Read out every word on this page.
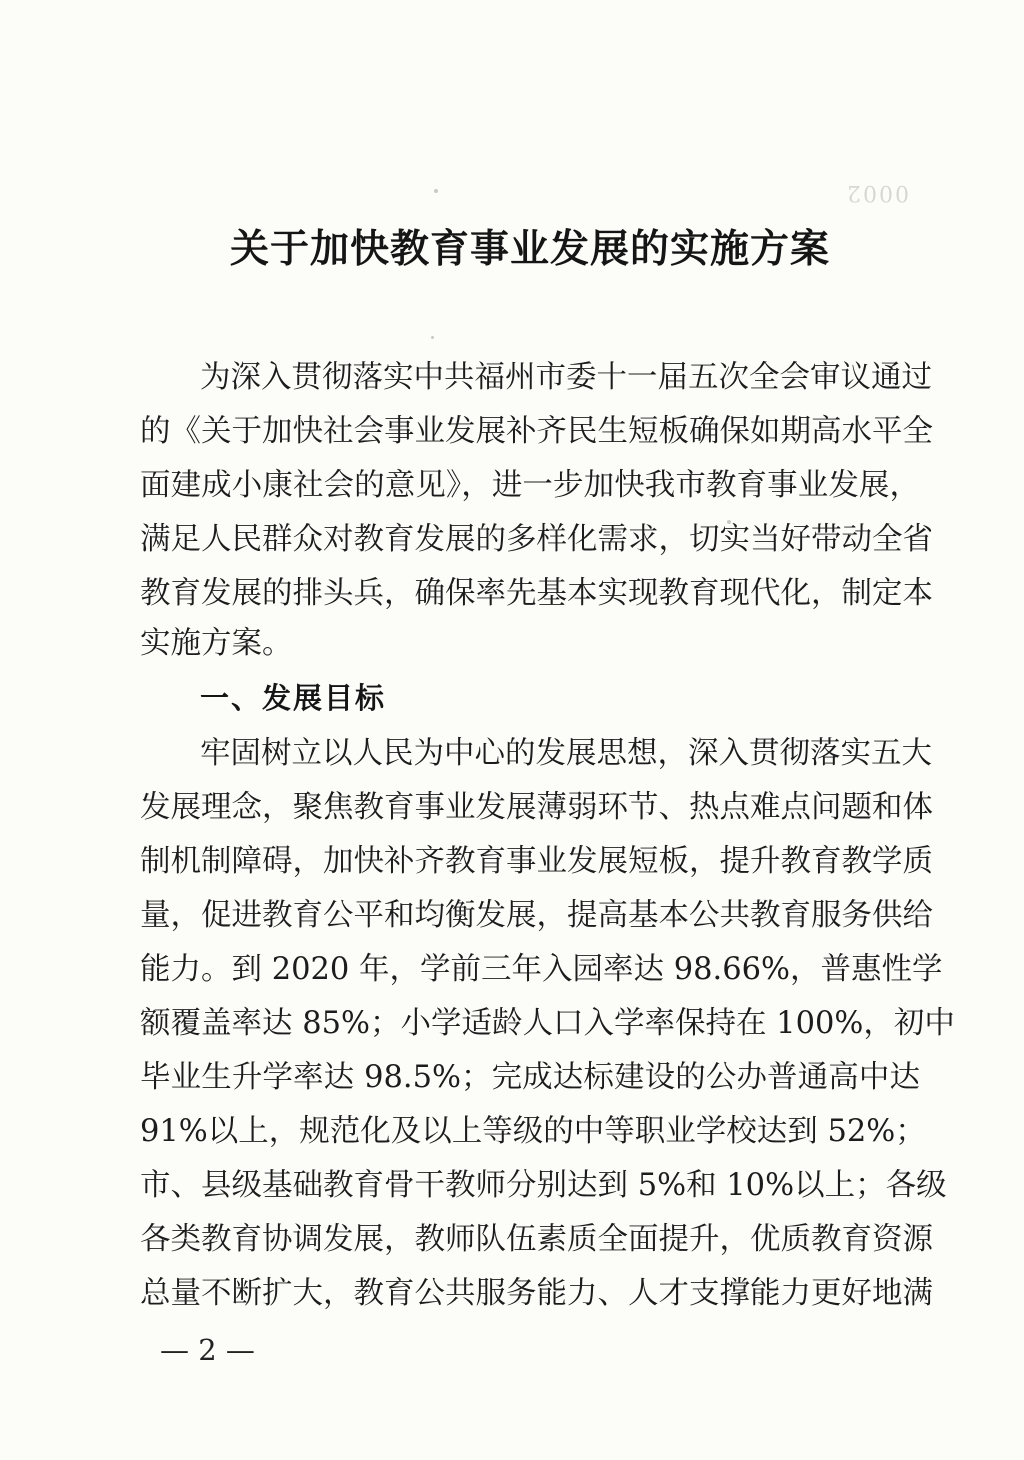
0002
关于加快教育事业发展的实施方案
为深入贯彻落实中共福州市委十一届五次全会审议通过
的《关于加快社会事业发展补齐民生短板确保如期高水平全
面建成小康社会的意见》，进一步加快我市教育事业发展，
满足人民群众对教育发展的多样化需求，切实当好带动全省
教育发展的排头兵，确保率先基本实现教育现代化，制定本
实施方案。
一、发展目标
牢固树立以人民为中心的发展思想，深入贯彻落实五大
发展理念，聚焦教育事业发展薄弱环节、热点难点问题和体
制机制障碍，加快补齐教育事业发展短板，提升教育教学质
量，促进教育公平和均衡发展，提高基本公共教育服务供给
能力。到 2020 年，学前三年入园率达 98.66%，普惠性学
额覆盖率达 85%；小学适龄人口入学率保持在 100%，初中
毕业生升学率达 98.5%；完成达标建设的公办普通高中达
91%以上，规范化及以上等级的中等职业学校达到 52%；
市、县级基础教育骨干教师分别达到 5%和 10%以上；各级
各类教育协调发展，教师队伍素质全面提升，优质教育资源
总量不断扩大，教育公共服务能力、人才支撑能力更好地满
— 2 —
